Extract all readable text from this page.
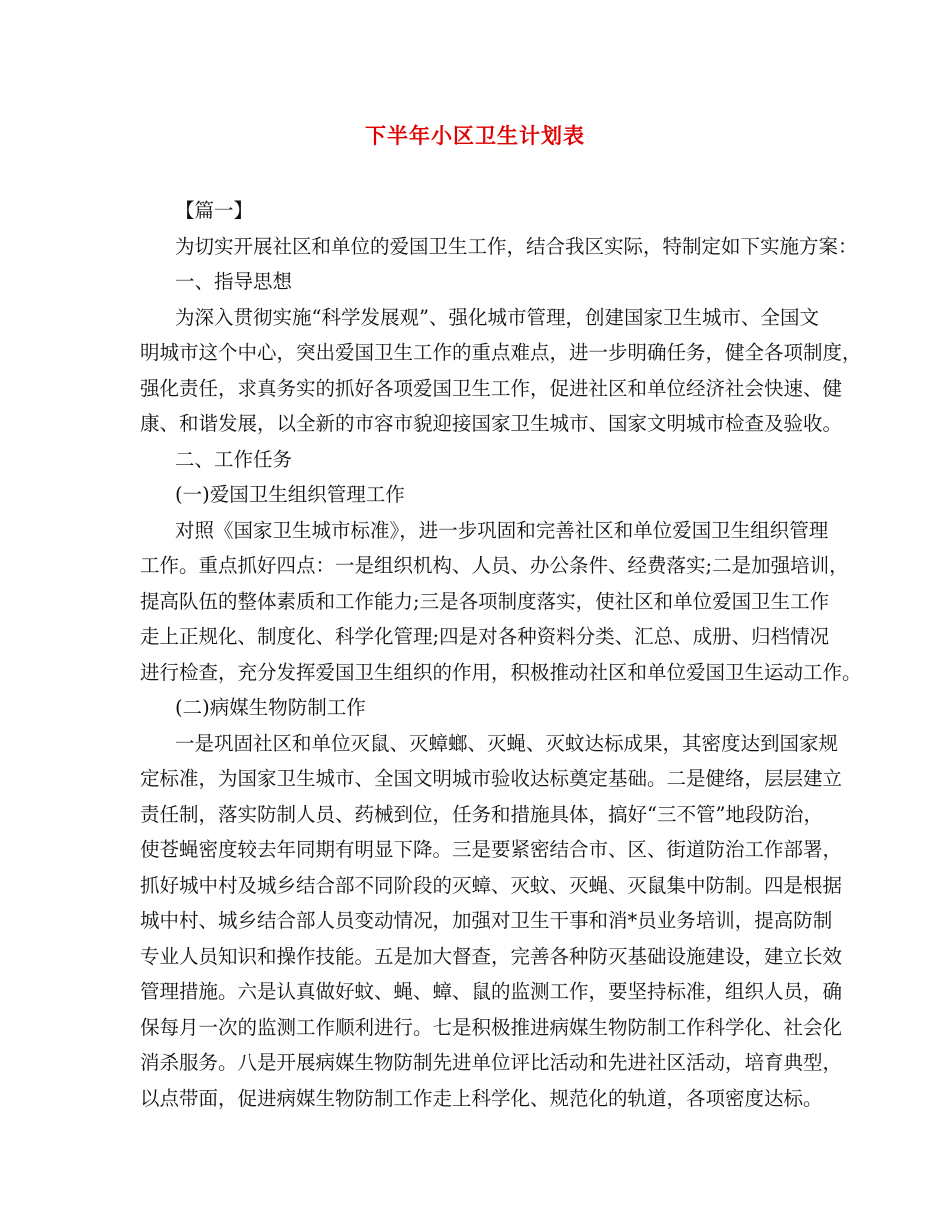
下半年小区卫生计划表
【篇一】
为切实开展社区和单位的爱国卫生工作，结合我区实际，特制定如下实施方案：
一、指导思想
为深入贯彻实施“科学发展观”、强化城市管理，创建国家卫生城市、全国文
明城市这个中心，突出爱国卫生工作的重点难点，进一步明确任务，健全各项制度，
强化责任，求真务实的抓好各项爱国卫生工作，促进社区和单位经济社会快速、健
康、和谐发展，以全新的市容市貌迎接国家卫生城市、国家文明城市检查及验收。
二、工作任务
(一)爱国卫生组织管理工作
对照《国家卫生城市标准》，进一步巩固和完善社区和单位爱国卫生组织管理
工作。重点抓好四点：一是组织机构、人员、办公条件、经费落实;二是加强培训，
提高队伍的整体素质和工作能力;三是各项制度落实，使社区和单位爱国卫生工作
走上正规化、制度化、科学化管理;四是对各种资料分类、汇总、成册、归档情况
进行检查，充分发挥爱国卫生组织的作用，积极推动社区和单位爱国卫生运动工作。
(二)病媒生物防制工作
一是巩固社区和单位灭鼠、灭蟑螂、灭蝇、灭蚊达标成果，其密度达到国家规
定标准，为国家卫生城市、全国文明城市验收达标奠定基础。二是健络，层层建立
责任制，落实防制人员、药械到位，任务和措施具体，搞好“三不管”地段防治，
使苍蝇密度较去年同期有明显下降。三是要紧密结合市、区、街道防治工作部署，
抓好城中村及城乡结合部不同阶段的灭蟑、灭蚊、灭蝇、灭鼠集中防制。四是根据
城中村、城乡结合部人员变动情况，加强对卫生干事和消*员业务培训，提高防制
专业人员知识和操作技能。五是加大督查，完善各种防灭基础设施建设，建立长效
管理措施。六是认真做好蚊、蝇、蟑、鼠的监测工作，要坚持标准，组织人员，确
保每月一次的监测工作顺利进行。七是积极推进病媒生物防制工作科学化、社会化
消杀服务。八是开展病媒生物防制先进单位评比活动和先进社区活动，培育典型，
以点带面，促进病媒生物防制工作走上科学化、规范化的轨道，各项密度达标。
